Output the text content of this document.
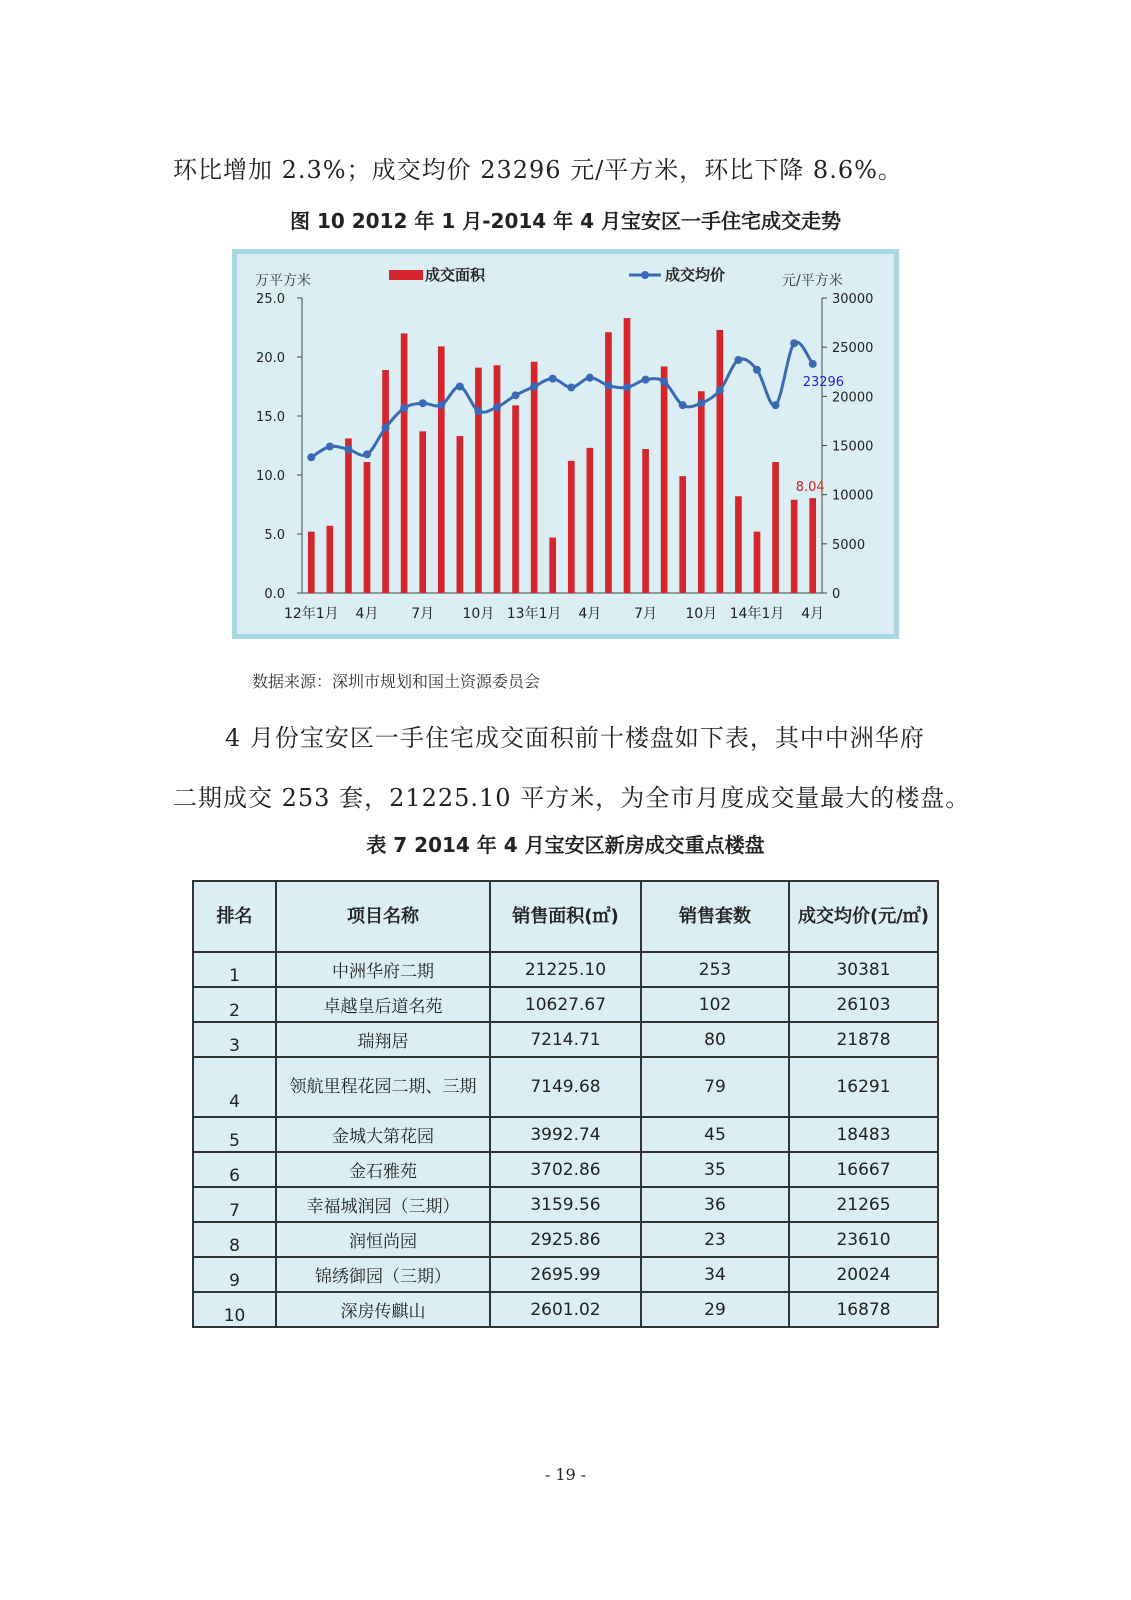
环比增加 2.3%；成交均价 23296 元/平方米，环比下降 8.6%。
图 10 2012 年 1 月-2014 年 4 月宝安区一手住宅成交走势
25.0
20.0
15.0
10.0
5.0
0.0
30000
25000
20000
15000
10000
5000
0
12年1月 4月 7月 10月 13年1月 4月 7月 10月 14年1月 4月
万平方米	元/平方米
成交面积	成交均价
23296
8.04
数据来源：深圳市规划和国土资源委员会
4 月份宝安区一手住宅成交面积前十楼盘如下表，其中中洲华府
二期成交 253 套，21225.10 平方米，为全市月度成交量最大的楼盘。
表 7 2014 年 4 月宝安区新房成交重点楼盘
排名	项目名称	销售面积(㎡)	销售套数	成交均价(元/㎡)
1	中洲华府二期	21225.10	253	30381
2	卓越皇后道名苑	10627.67	102	26103
3	瑞翔居	7214.71	80	21878
4	领航里程花园二期、三期	7149.68	79	16291
5	金城大第花园	3992.74	45	18483
6	金石雅苑	3702.86	35	16667
7	幸福城润园（三期）	3159.56	36	21265
8	润恒尚园	2925.86	23	23610
9	锦绣御园（三期）	2695.99	34	20024
10	深房传麒山	2601.02	29	16878
- 19 -
